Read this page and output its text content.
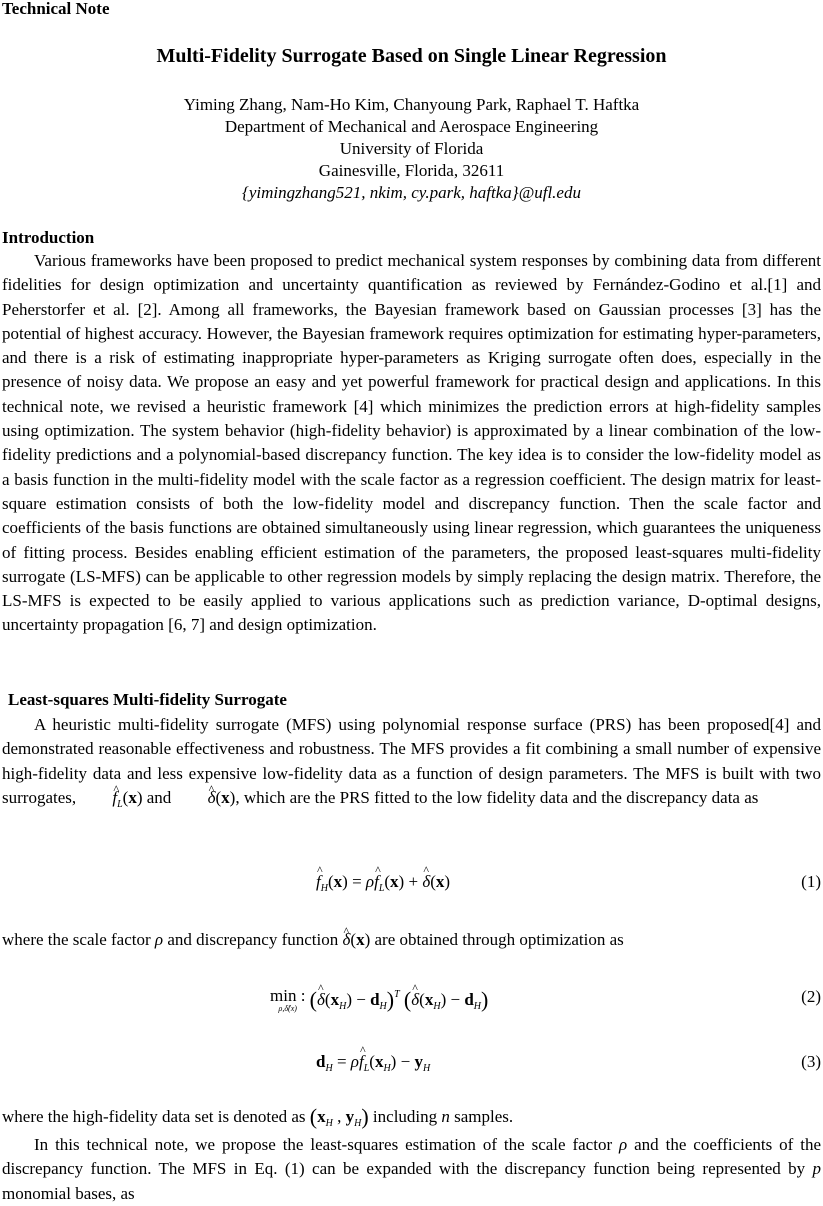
Technical Note
Multi-Fidelity Surrogate Based on Single Linear Regression
Yiming Zhang, Nam-Ho Kim, Chanyoung Park, Raphael T. Haftka
Department of Mechanical and Aerospace Engineering
University of Florida
Gainesville, Florida, 32611
{yimingzhang521, nkim, cy.park, haftka}@ufl.edu
Introduction

Various frameworks have been proposed to predict mechanical system responses by combining data from different fidelities for design optimization and uncertainty quantification as reviewed by Fernández-Godino et al.[1] and Peherstorfer et al. [2]. Among all frameworks, the Bayesian framework based on Gaussian processes [3] has the potential of highest accuracy. However, the Bayesian framework requires optimization for estimating hyper-parameters, and there is a risk of estimating inappropriate hyper-parameters as Kriging surrogate often does, especially in the presence of noisy data. We propose an easy and yet powerful framework for practical design and applications. In this technical note, we revised a heuristic framework [4] which minimizes the prediction errors at high-fidelity samples using optimization. The system behavior (high-fidelity behavior) is approximated by a linear combination of the low-fidelity predictions and a polynomial-based discrepancy function. The key idea is to consider the low-fidelity model as a basis function in the multi-fidelity model with the scale factor as a regression coefficient. The design matrix for least-square estimation consists of both the low-fidelity model and discrepancy function. Then the scale factor and coefficients of the basis functions are obtained simultaneously using linear regression, which guarantees the uniqueness of fitting process. Besides enabling efficient estimation of the parameters, the proposed least-squares multi-fidelity surrogate (LS-MFS) can be applicable to other regression models by simply replacing the design matrix. Therefore, the LS-MFS is expected to be easily applied to various applications such as prediction variance, D-optimal designs, uncertainty propagation [6, 7] and design optimization.

Least-squares Multi-fidelity Surrogate

A heuristic multi-fidelity surrogate (MFS) using polynomial response surface (PRS) has been proposed[4] and demonstrated reasonable effectiveness and robustness. The MFS provides a fit combining a small number of expensive high-fidelity data and less expensive low-fidelity data as a function of design parameters. The MFS is built with two surrogates, ^ $f_L(x)$ and ^ δ(x), which are the PRS fitted to the low fidelity data and the discrepancy data as

^ $f_H(x)$ = ρ^ $f_L(x)$ + ^ δ(x)	(1)

where the scale factor ρ and discrepancy function ^ δ(x) are obtained through optimization as

min :
ρ,δ̂(x) (^ $\delta(x_H) - d_H)^T$ (^ $\delta(x_H) - d_H$)	(2)
$d_H$ = ρ^ $f_L(x_H) - y_H$	(3)

where the high-fidelity data set is denoted as ($x_H$ , $y_H$) including n samples.

In this technical note, we propose the least-squares estimation of the scale factor ρ and the coefficients of the discrepancy function. The MFS in Eq. (1) can be expanded with the discrepancy function being represented by p monomial bases, as
